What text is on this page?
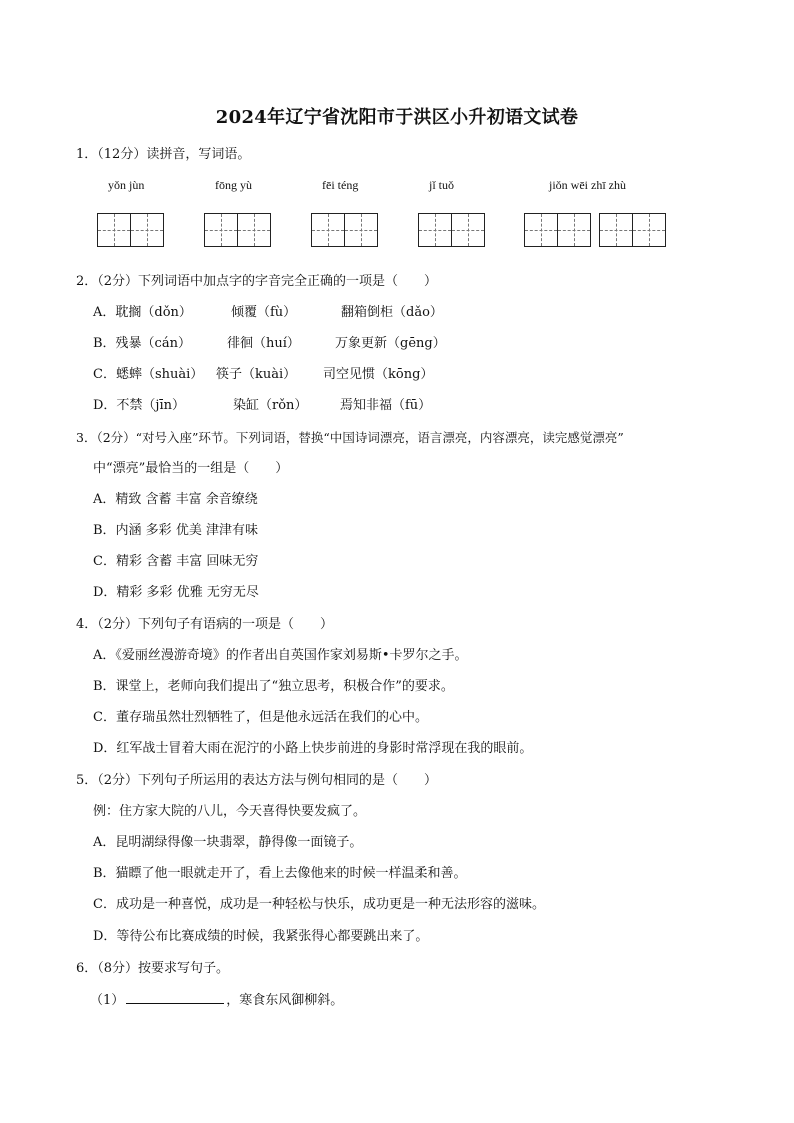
2024年辽宁省沈阳市于洪区小升初语文试卷
1．（12分）读拼音，写词语。
yǒn jùn	fōng yù	fēi téng	jǐ tuǒ	jiǒn wēi zhī zhù
2．（2分）下列词语中加点字的字音完全正确的一项是（　　）
A．耽搁（dǒn）	倾覆（fù）	翻箱倒柜（dǎo）
B．残暴（cán）	徘徊（huí）	万象更新（gēng）
C．蟋蟀（shuài） 筷子（kuài） 司空见惯（kōng）
D．不禁（jīn）	染缸（rǒn）	焉知非福（fū）
3．（2分）“对号入座”环节。下列词语，替换“中国诗词漂亮，语言漂亮，内容漂亮，读完感觉漂亮”
中“漂亮”最恰当的一组是（　　）
A．精致 含蓄 丰富 余音缭绕
B．内涵 多彩 优美 津津有味
C．精彩 含蓄 丰富 回味无穷
D．精彩 多彩 优雅 无穷无尽
4．（2分）下列句子有语病的一项是（　　）
A．《爱丽丝漫游奇境》的作者出自英国作家刘易斯•卡罗尔之手。
B．课堂上，老师向我们提出了“独立思考，积极合作”的要求。
C．董存瑞虽然壮烈牺牲了，但是他永远活在我们的心中。
D．红军战士冒着大雨在泥泞的小路上快步前进的身影时常浮现在我的眼前。
5．（2分）下列句子所运用的表达方法与例句相同的是（　　）
例：住方家大院的八儿，今天喜得快要发疯了。
A．昆明湖绿得像一块翡翠，静得像一面镜子。
B．猫瞟了他一眼就走开了，看上去像他来的时候一样温柔和善。
C．成功是一种喜悦，成功是一种轻松与快乐，成功更是一种无法形容的滋味。
D．等待公布比赛成绩的时候，我紧张得心都要跳出来了。
6．（8分）按要求写句子。
（1）	，寒食东风御柳斜。
